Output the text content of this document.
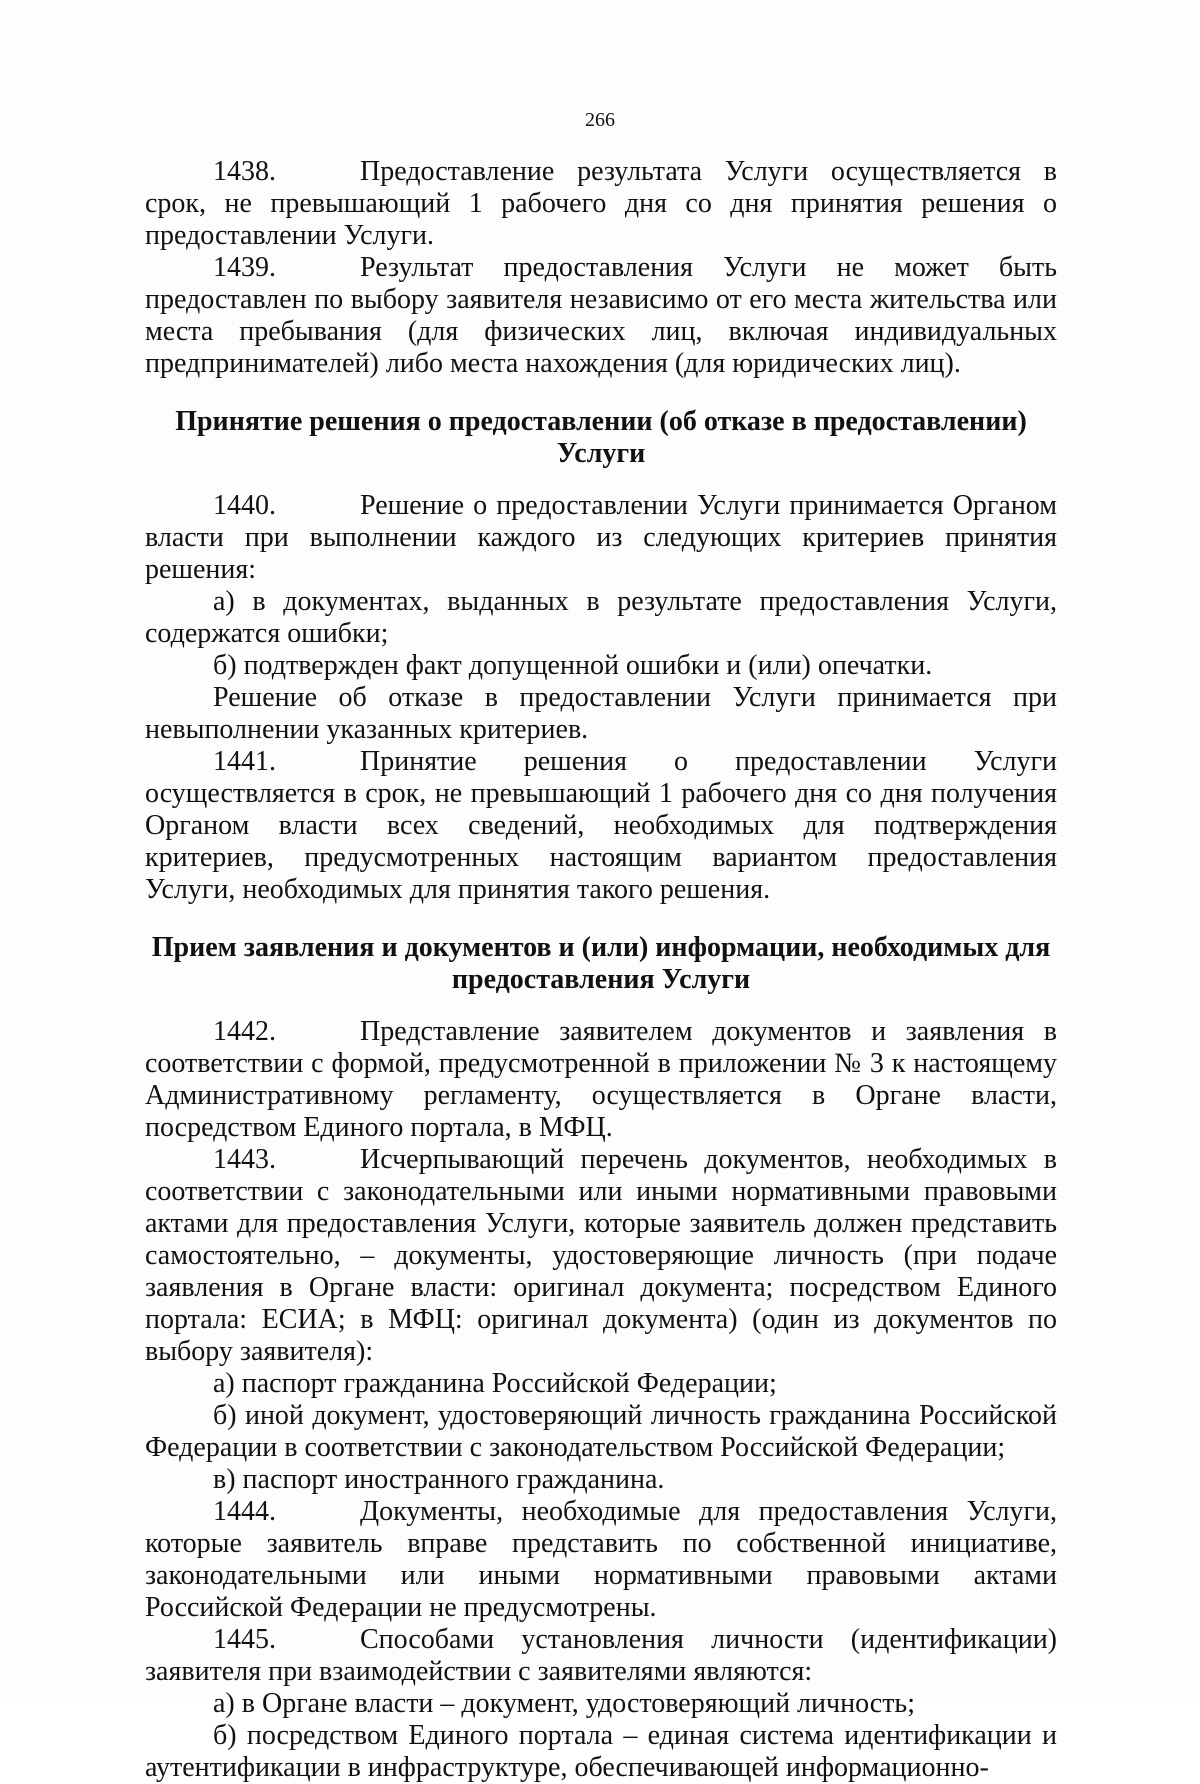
266

1438.	Предоставление результата Услуги осуществляется в срок, не превышающий 1 рабочего дня со дня принятия решения о предоставлении Услуги.

1439.	Результат предоставления Услуги не может быть предоставлен по выбору заявителя независимо от его места жительства или места пребывания (для физических лиц, включая индивидуальных предпринимателей) либо места нахождения (для юридических лиц).

Принятие решения о предоставлении (об отказе в предоставлении) Услуги

1440.	Решение о предоставлении Услуги принимается Органом власти при выполнении каждого из следующих критериев принятия решения:

а) в документах, выданных в результате предоставления Услуги, содержатся ошибки;

б) подтвержден факт допущенной ошибки и (или) опечатки.

Решение об отказе в предоставлении Услуги принимается при невыполнении указанных критериев.

1441.	Принятие решения о предоставлении Услуги осуществляется в срок, не превышающий 1 рабочего дня со дня получения Органом власти всех сведений, необходимых для подтверждения критериев, предусмотренных настоящим вариантом предоставления Услуги, необходимых для принятия такого решения.

Прием заявления и документов и (или) информации, необходимых для предоставления Услуги

1442.	Представление заявителем документов и заявления в соответствии с формой, предусмотренной в приложении № 3 к настоящему Административному регламенту, осуществляется в Органе власти, посредством Единого портала, в МФЦ.

1443.	Исчерпывающий перечень документов, необходимых в соответствии с законодательными или иными нормативными правовыми актами для предоставления Услуги, которые заявитель должен представить самостоятельно, – документы, удостоверяющие личность (при подаче заявления в Органе власти: оригинал документа; посредством Единого портала: ЕСИА; в МФЦ: оригинал документа) (один из документов по выбору заявителя):

а) паспорт гражданина Российской Федерации;

б) иной документ, удостоверяющий личность гражданина Российской Федерации в соответствии с законодательством Российской Федерации;

в) паспорт иностранного гражданина.

1444.	Документы, необходимые для предоставления Услуги, которые заявитель вправе представить по собственной инициативе, законодательными или иными нормативными правовыми актами Российской Федерации не предусмотрены.

1445.	Способами установления личности (идентификации) заявителя при взаимодействии с заявителями являются:

а) в Органе власти – документ, удостоверяющий личность;

б) посредством Единого портала – единая система идентификации и аутентификации в инфраструктуре, обеспечивающей информационно-
